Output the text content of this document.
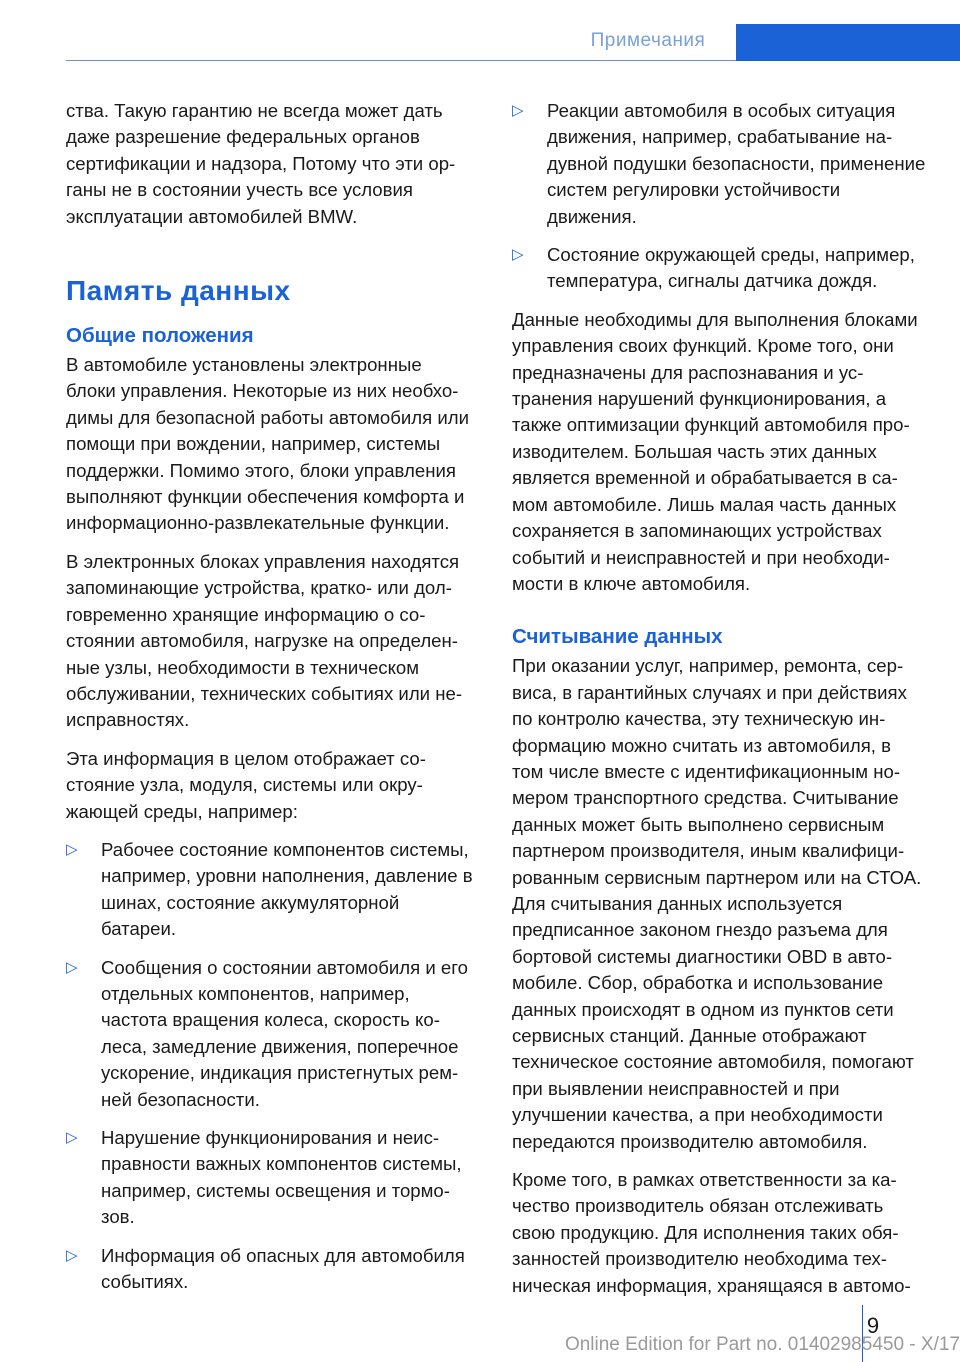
Примечания

ства. Такую гарантию не всегда может дать даже разрешение федеральных органов сертификации и надзора, Потому что эти органы не в состоянии учесть все условия эксплуатации автомобилей BMW.

Память данных
Общие положения

В автомобиле установлены электронные блоки управления. Некоторые из них необходимы для безопасной работы автомобиля или помощи при вождении, например, системы поддержки. Помимо этого, блоки управления выполняют функции обеспечения комфорта и информационно-развлекательные функции.

В электронных блоках управления находятся запоминающие устройства, кратко- или долговременно хранящие информацию о состоянии автомобиля, нагрузке на определенные узлы, необходимости в техническом обслуживании, технических событиях или неисправностях.

Эта информация в целом отображает состояние узла, модуля, системы или окружающей среды, например:

▷ Рабочее состояние компонентов системы, например, уровни наполнения, давление в шинах, состояние аккумуляторной батареи.
▷ Сообщения о состоянии автомобиля и его отдельных компонентов, например, частота вращения колеса, скорость колеса, замедление движения, поперечное ускорение, индикация пристегнутых ремней безопасности.
▷ Нарушение функционирования и неисправности важных компонентов системы, например, системы освещения и тормозов.
▷ Информация об опасных для автомобиля событиях.
▷ Реакции автомобиля в особых ситуация движения, например, срабатывание надувной подушки безопасности, применение систем регулировки устойчивости движения.
▷ Состояние окружающей среды, например, температура, сигналы датчика дождя.

Данные необходимы для выполнения блоками управления своих функций. Кроме того, они предназначены для распознавания и устранения нарушений функционирования, а также оптимизации функций автомобиля производителем. Большая часть этих данных является временной и обрабатывается в самом автомобиле. Лишь малая часть данных сохраняется в запоминающих устройствах событий и неисправностей и при необходимости в ключе автомобиля.

Считывание данных

При оказании услуг, например, ремонта, сервиса, в гарантийных случаях и при действиях по контролю качества, эту техническую информацию можно считать из автомобиля, в том числе вместе с идентификационным номером транспортного средства. Считывание данных может быть выполнено сервисным партнером производителя, иным квалифицированным сервисным партнером или на СТОА. Для считывания данных используется предписанное законом гнездо разъема для бортовой системы диагностики OBD в автомобиле. Сбор, обработка и использование данных происходят в одном из пунктов сети сервисных станций. Данные отображают техническое состояние автомобиля, помогают при выявлении неисправностей и при улучшении качества, а при необходимости передаются производителю автомобиля.

Кроме того, в рамках ответственности за качество производитель обязан отслеживать свою продукцию. Для исполнения таких обязанностей производителю необходима техническая информация, хранящаяся в автомо-

9
Online Edition for Part no. 01402985450 - X/17
